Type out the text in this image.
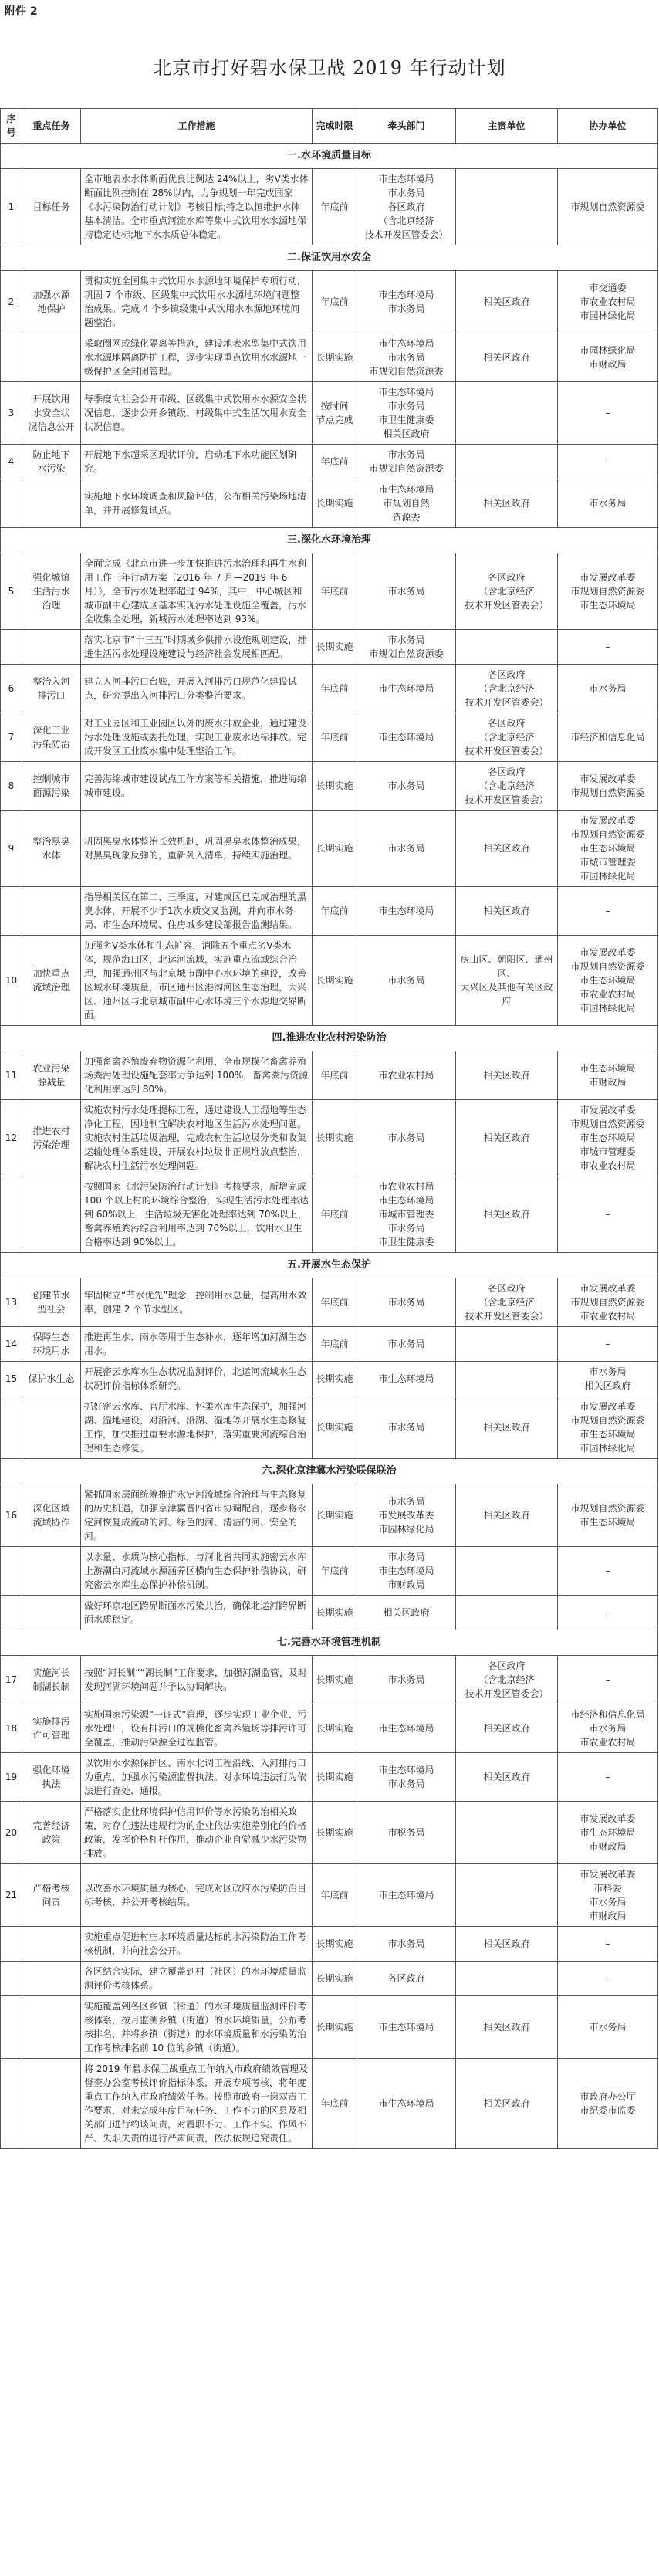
附件 2
北京市打好碧水保卫战 2019 年行动计划
序号	重点任务	工作措施	完成时限	牵头部门	主责单位	协办单位
一.水环境质量目标						
1	目标任务	全市地表水水体断面优良比例达 24%以上，劣Ⅴ类水体断面比例控制在 28%以内，力争规划一年完成国家《水污染防治行动计划》考核目标;持之以恒维护水体基本清洁。全市重点河流水库等集中式饮用水水源地保持稳定达标;地下水水质总体稳定。	年底前	市生态环境局
市水务局
各区政府
（含北京经济
技术开发区管委会）		市规划自然资源委
二.保证饮用水安全						
2	加强水源
地保护	贯彻实施全国集中式饮用水水源地环境保护专项行动，巩固 7 个市级、区级集中式饮用水水源地环境问题整治成果。完成 4 个乡镇级集中式饮用水水源地环境问题整治。	年底前	市生态环境局
市水务局	相关区政府	市交通委
市农业农村局
市园林绿化局
		采取圈网或绿化隔离等措施，建设地表水型集中式饮用水水源地隔离防护工程，逐步实现重点饮用水水源地一级保护区全封闭管理。	长期实施	市生态环境局
市水务局
市规划自然资源委	相关区政府	市园林绿化局
市财政局
3	开展饮用
水安全状
况信息公开	每季度向社会公开市级、区级集中式饮用水水源安全状况信息，逐步公开乡镇级、村级集中式生活饮用水安全状况信息。	按时间
节点完成	市生态环境局
市水务局
市卫生健康委
相关区政府		–
4	防止地下
水污染	开展地下水超采区现状评价，启动地下水功能区划研究。	年底前	市水务局
市规划自然资源委		–
		实施地下水环境调查和风险评估，公布相关污染场地清单，并开展修复试点。	长期实施	市生态环境局
市规划自然
资源委	相关区政府	市水务局
三.深化水环境治理						
5	强化城镇
生活污水
治理	全面完成《北京市进一步加快推进污水治理和再生水利用工作三年行动方案（2016 年 7 月—2019 年 6 月）》，全市污水处理率超过 94%，其中，中心城区和城市副中心建成区基本实现污水处理设施全覆盖，污水全收集全处理，新城污水处理率达到 93%。	年底前	市水务局	各区政府
（含北京经济
技术开发区管委会）	市发展改革委
市规划自然资源委
市生态环境局
		落实北京市“十三五”时期城乡供排水设施规划建设，推进生活污水处理设施建设与经济社会发展相匹配。	长期实施	市水务局
市规划自然资源委		–
6	整治入河
排污口	建立入河排污口台账，开展入河排污口规范化建设试点，研究提出入河排污口分类整治要求。	年底前	市生态环境局	各区政府
（含北京经济
技术开发区管委会）	市水务局
7	深化工业
污染防治	对工业园区和工业园区以外的废水排放企业，通过建设污水处理设施或委托处理，实现工业废水达标排放。完成开发区工业废水集中处理整治工作。	年底前	市生态环境局	各区政府
（含北京经济
技术开发区管委会）	市经济和信息化局
8	控制城市
面源污染	完善海绵城市建设试点工作方案等相关措施，推进海绵城市建设。	长期实施	市水务局	各区政府
（含北京经济
技术开发区管委会）	市发展改革委
市规划自然资源委
9	整治黑臭
水体	巩固黑臭水体整治长效机制，巩固黑臭水体整治成果，对黑臭现象反弹的，重新列入清单，持续实施治理。	长期实施	市水务局	相关区政府	市发展改革委
市规划自然资源委
市生态环境局
市城市管理委
市园林绿化局
		指导相关区在第二、三季度，对建成区已完成治理的黑臭水体，开展不少于1次水质交叉监测，并向市水务局、市生态环境局、住房城乡建设部报告监测结果。	年底前	市生态环境局	相关区政府	–
10	加快重点
流域治理	加强劣Ⅴ类水体和生态扩容，消除五个重点劣Ⅴ类水体，规范海口区，北运河流域，实施重点流域综合治理，加强通州区与北京城市副中心水环境的建设，改善区域水环境质量，市区通州区港沟河区生态治理，大兴区、通州区与北京城市副中心水环境三个水源地交界断面。	长期实施	市水务局	房山区、朝阳区、通州区、
大兴区及其他有关区政府	市发展改革委
市规划自然资源委
市生态环境局
市农业农村局
市园林绿化局
四.推进农业农村污染防治						
11	农业污染
源减量	加强畜禽养殖废弃物资源化利用，全市规模化畜禽养殖场粪污处理设施配套率力争达到 100%，畜禽粪污资源化利用率达到 80%。	年底前	市农业农村局	相关区政府	市生态环境局
市财政局
12	推进农村
污染治理	实施农村污水处理提标工程，通过建设人工湿地等生态净化工程，因地制宜解决农村地区生活污水处理问题。实施农村生活垃圾治理，完成农村生活垃圾分类和收集运输处理体系建设，开展农村垃圾非正规堆放点整治，解决农村生活污水处理问题。	长期实施	市水务局	相关区政府	市发展改革委
市规划自然资源委
市生态环境局
市城市管理委
市农业农村局
		按照国家《水污染防治行动计划》考核要求，新增完成 100 个以上村的环境综合整治，实现生活污水处理率达到 60%以上，生活垃圾无害化处理率达到 70%以上，畜禽养殖粪污综合利用率达到 70%以上，饮用水卫生合格率达到 90%以上。	年底前	市农业农村局
市生态环境局
市城市管理委
市水务局
市卫生健康委	相关区政府	–
五.开展水生态保护						
13	创建节水
型社会	牢固树立“节水优先”理念，控制用水总量，提高用水效率，创建 2 个节水型区。	年底前	市水务局	各区政府
（含北京经济
技术开发区管委会）	市发展改革委
市规划自然资源委
市农业农村局
14	保障生态
环境用水	推进再生水、雨水等用于生态补水，逐年增加河湖生态用水。	年底前	市水务局		–
15	保护水生态	开展密云水库水生态状况监测评价，北运河流域水生态状况评价指标体系研究。	长期实施	市生态环境局		市水务局
相关区政府
		抓好密云水库、官厅水库、怀柔水库生态保护，加强河湖、湿地建设，对沿河、沿湖、湿地等开展水生态修复工作，加快推进重要水源地保护，落实重要河流综合治理和生态修复。	长期实施	市水务局	相关区政府	市发展改革委
市规划自然资源委
市生态环境局
市园林绿化局
六.深化京津冀水污染联保联治						
16	深化区域
流域协作	紧抓国家层面统筹推进永定河流域综合治理与生态修复的历史机遇，加强京津冀晋四省市协调配合，逐步将永定河恢复成流动的河、绿色的河、清洁的河、安全的河。	长期实施	市水务局
市发展改革委
市园林绿化局	相关区政府	市规划自然资源委
市生态环境局
		以水量、水质为核心指标，与河北省共同实施密云水库上游潮白河流域水源涵养区横向生态保护补偿协议，研究密云水库生态保护补偿机制。	年底前	市水务局
市生态环境局
市财政局		–
		做好环京地区跨界断面水污染共治，确保北运河跨界断面水质稳定。	长期实施	相关区政府		–
七.完善水环境管理机制						
17	实施河长
制湖长制	按照“河长制”“湖长制”工作要求，加强河湖监管，及时发现河湖环境问题并予以协调解决。	长期实施	市水务局	各区政府
（含北京经济
技术开发区管委会）	–
18	实施排污
许可管理	实施国家污染源“一证式”管理，逐步实现工业企业、污水处理厂，设有排污口的规模化畜禽养殖场等排污许可全覆盖，推动污染源全过程监管。	长期实施	市生态环境局	相关区政府	市经济和信息化局
市水务局
市农业农村局
19	强化环境
执法	以饮用水水源保护区、南水北调工程沿线、入河排污口为重点，加强水污染源监督执法。对水环境违法行为依法进行查处、通报。	长期实施	市生态环境局
市水务局	相关区政府	–
20	完善经济
政策	严格落实企业环境保护信用评价等水污染防治相关政策，对存在违法违规行为的企业依法实施差别化的价格政策，发挥价格杠杆作用，推动企业自觉减少水污染物排放。	长期实施	市税务局		市发展改革委
市生态环境局
市财政局
21	严格考核
问责	以改善水环境质量为核心，完成对区政府水污染防治目标考核，并公开考核结果。	年底前	市生态环境局		市发展改革委
市科委
市水务局
市财政局
		实施重点促进村庄水环境质量达标的水污染防治工作考核机制，并向社会公开。	长期实施	市水务局	相关区政府	–
		各区结合实际，建立覆盖到村（社区）的水环境质量监测评价考核体系。	长期实施	各区政府		–
		实施覆盖到各区乡镇（街道）的水环境质量监测评价考核体系，按月监测乡镇（街道）的水环境质量，公布考核排名，并将乡镇（街道）的水环境质量和水污染防治工作考核排名前 10 位的乡镇（街道）。	长期实施	市生态环境局	相关区政府	市水务局
		将 2019 年碧水保卫战重点工作纳入市政府绩效管理及督查办公室考核评价指标体系，开展专项考核，将年度重点工作纳入市政府绩效任务。按照市政府一岗双责工作要求，对未完成年度目标任务、工作不力的区县及相关部门进行约谈问责，对履职不力、工作不实、作风不严、失职失责的进行严肃问责，依法依规追究责任。	年底前	市生态环境局	相关区政府	市政府办公厅
市纪委市监委
